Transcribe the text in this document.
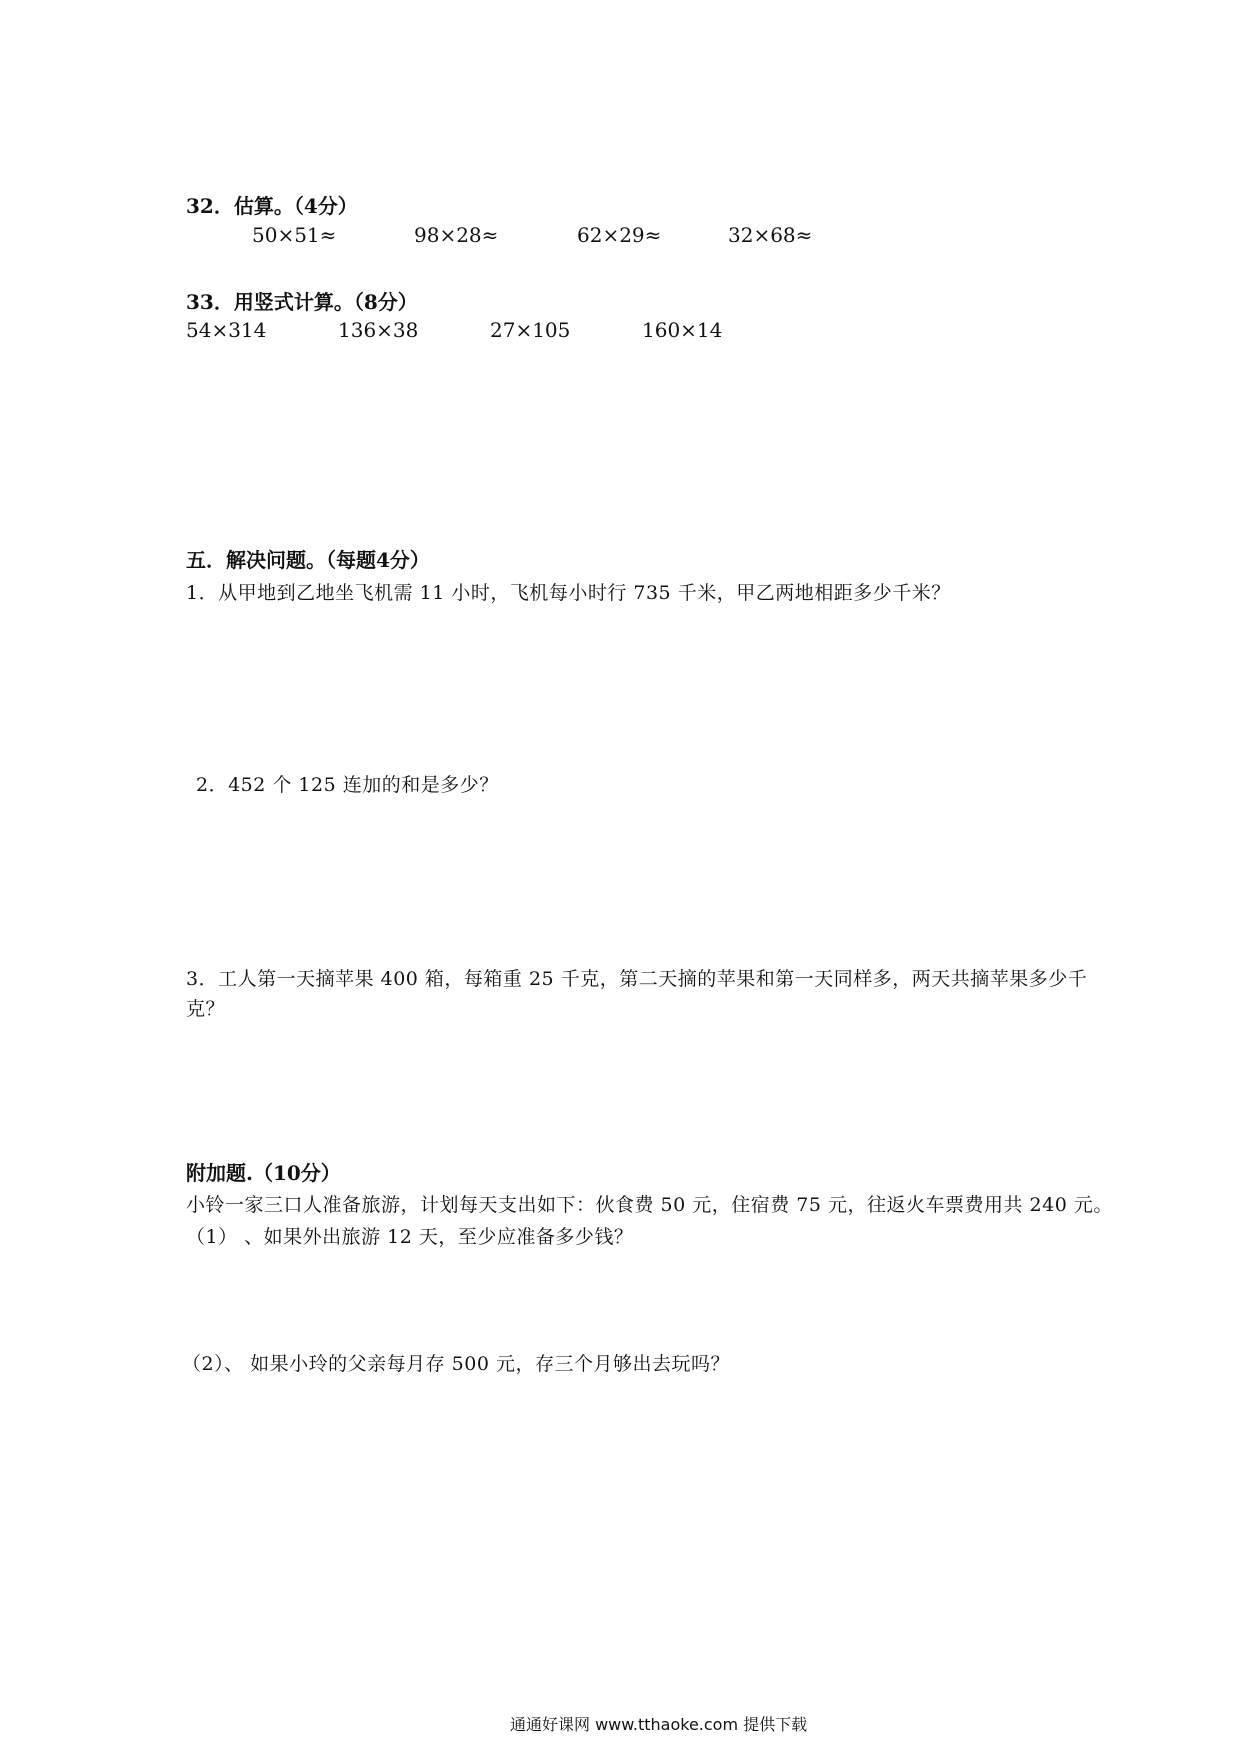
32．估算。（4分）
50×51≈	98×28≈	62×29≈	32×68≈
33．用竖式计算。（8分）
54×314	136×38	27×105	160×14
五．解决问题。（每题4分）
1．从甲地到乙地坐飞机需 11 小时，飞机每小时行 735 千米，甲乙两地相距多少千米？
2．452 个 125 连加的和是多少？
3．工人第一天摘苹果 400 箱，每箱重 25 千克，第二天摘的苹果和第一天同样多，两天共摘苹果多少千
克？
附加题.（10分）
小铃一家三口人准备旅游，计划每天支出如下：伙食费 50 元，住宿费 75 元，往返火车票费用共 240 元。
（1） 、如果外出旅游 12 天，至少应准备多少钱？
（2）、 如果小玲的父亲每月存 500 元，存三个月够出去玩吗？
通通好课网 www.tthaoke.com 提供下载
